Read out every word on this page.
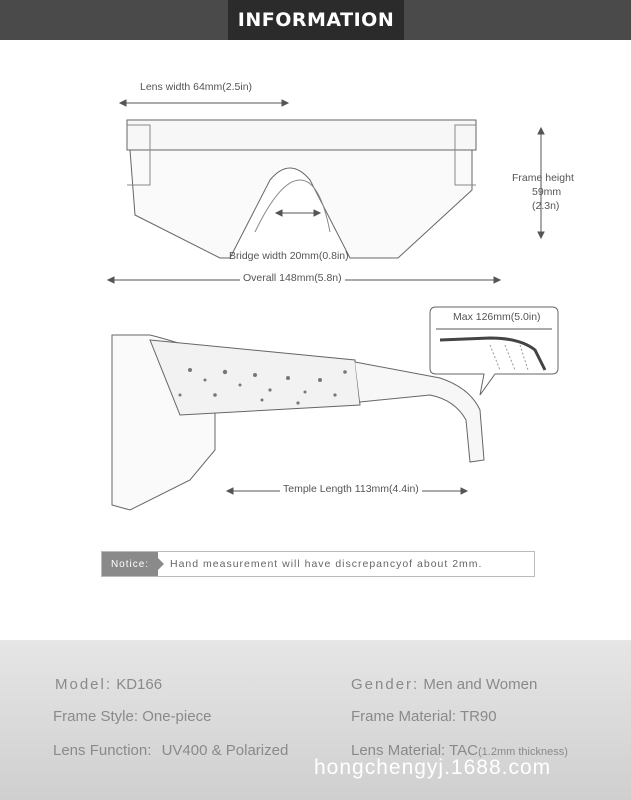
INFORMATION
Lens width 64mm(2.5in)
Frame height
59mm
(2.3n)
Bridge width 20mm(0.8in)
Overall 148mm(5.8n)
Max 126mm(5.0in)
Temple Length 113mm(4.4in)
Notice:	Hand measurement will have discrepancyof about 2mm.
Model: KD166	Gender: Men and Women
Frame Style: One-piece	Frame Material: TR90
Lens Function: UV400 & Polarized	Lens Material: TAC(1.2mm thickness)
hongchengyj.1688.com
